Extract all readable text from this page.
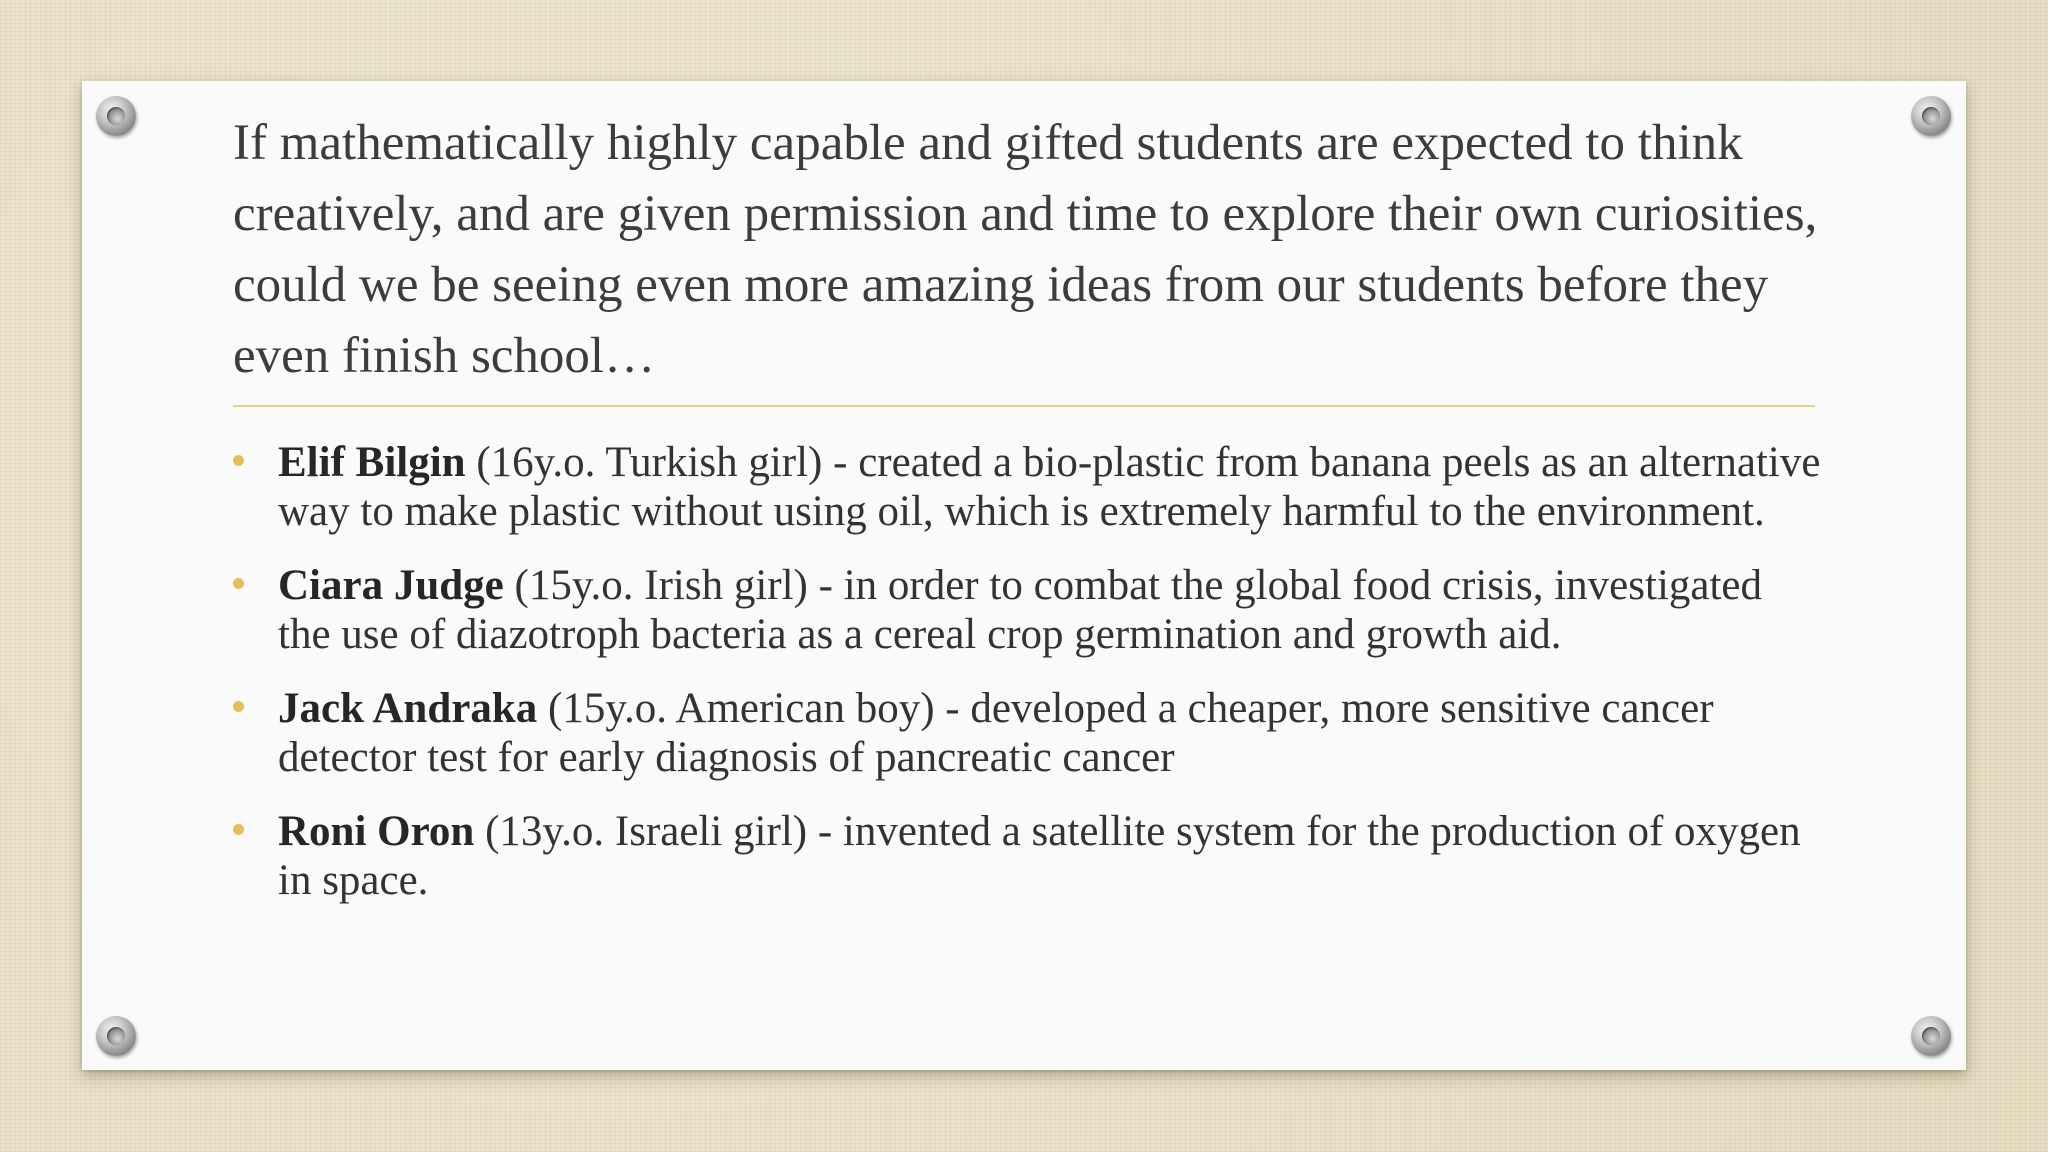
If mathematically highly capable and gifted students are expected to think creatively, and are given permission and time to explore their own curiosities, could we be seeing even more amazing ideas from our students before they even finish school…
Elif Bilgin (16y.o. Turkish girl) - created a bio-plastic from banana peels as an alternative way to make plastic without using oil, which is extremely harmful to the environment.
Ciara Judge (15y.o. Irish girl) - in order to combat the global food crisis, investigated the use of diazotroph bacteria as a cereal crop germination and growth aid.
Jack Andraka (15y.o. American boy) - developed a cheaper, more sensitive cancer detector test for early diagnosis of pancreatic cancer
Roni Oron (13y.o. Israeli girl) - invented a satellite system for the production of oxygen in space.
